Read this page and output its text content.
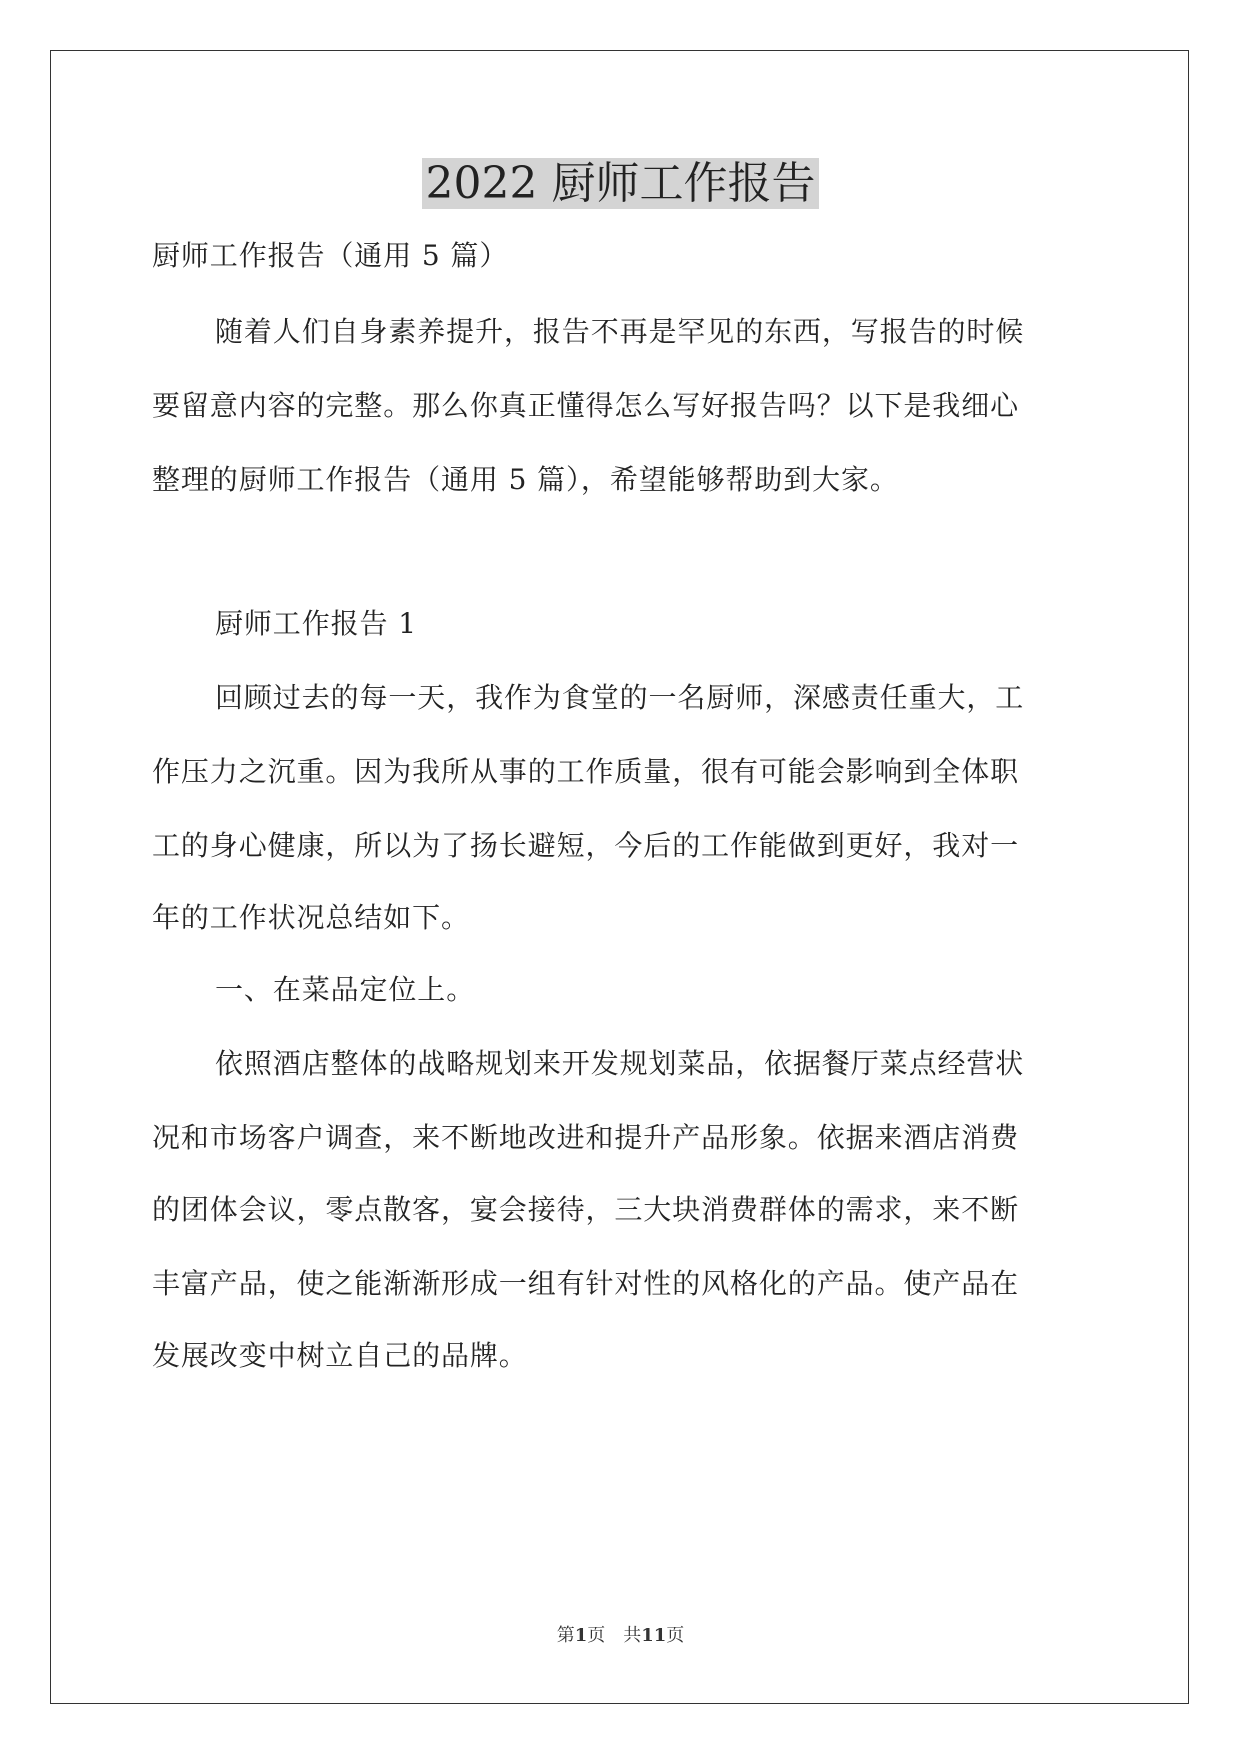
2022 厨师工作报告
厨师工作报告（通用 5 篇）
随着人们自身素养提升，报告不再是罕见的东西，写报告的时候
要留意内容的完整。那么你真正懂得怎么写好报告吗？以下是我细心
整理的厨师工作报告（通用 5 篇），希望能够帮助到大家。
厨师工作报告 1
回顾过去的每一天，我作为食堂的一名厨师，深感责任重大，工
作压力之沉重。因为我所从事的工作质量，很有可能会影响到全体职
工的身心健康，所以为了扬长避短，今后的工作能做到更好，我对一
年的工作状况总结如下。
一、在菜品定位上。
依照酒店整体的战略规划来开发规划菜品，依据餐厅菜点经营状
况和市场客户调查，来不断地改进和提升产品形象。依据来酒店消费
的团体会议，零点散客，宴会接待，三大块消费群体的需求，来不断
丰富产品，使之能渐渐形成一组有针对性的风格化的产品。使产品在
发展改变中树立自己的品牌。
第1页　共11页
